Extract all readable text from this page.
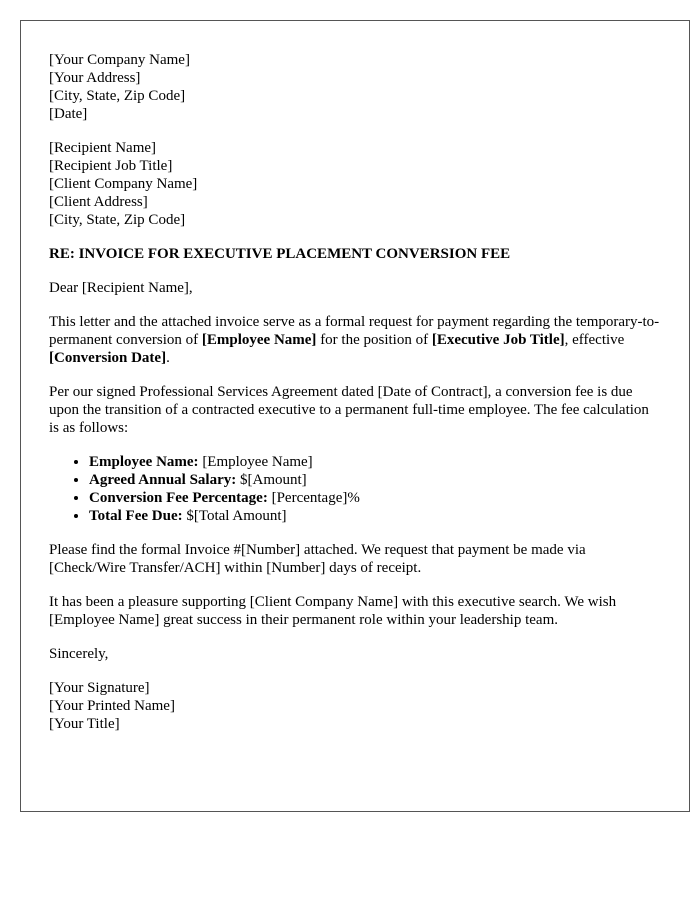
[Your Company Name]
[Your Address]
[City, State, Zip Code]
[Date]
[Recipient Name]
[Recipient Job Title]
[Client Company Name]
[Client Address]
[City, State, Zip Code]
RE: INVOICE FOR EXECUTIVE PLACEMENT CONVERSION FEE

Dear [Recipient Name],

This letter and the attached invoice serve as a formal request for payment regarding the temporary-to-permanent conversion of [Employee Name] for the position of [Executive Job Title], effective [Conversion Date].

Per our signed Professional Services Agreement dated [Date of Contract], a conversion fee is due upon the transition of a contracted executive to a permanent full-time employee. The fee calculation is as follows:

• Employee Name: [Employee Name]
• Agreed Annual Salary: $[Amount]
• Conversion Fee Percentage: [Percentage]%
• Total Fee Due: $[Total Amount]

Please find the formal Invoice #[Number] attached. We request that payment be made via [Check/Wire Transfer/ACH] within [Number] days of receipt.

It has been a pleasure supporting [Client Company Name] with this executive search. We wish [Employee Name] great success in their permanent role within your leadership team.

Sincerely,

[Your Signature]
[Your Printed Name]
[Your Title]
